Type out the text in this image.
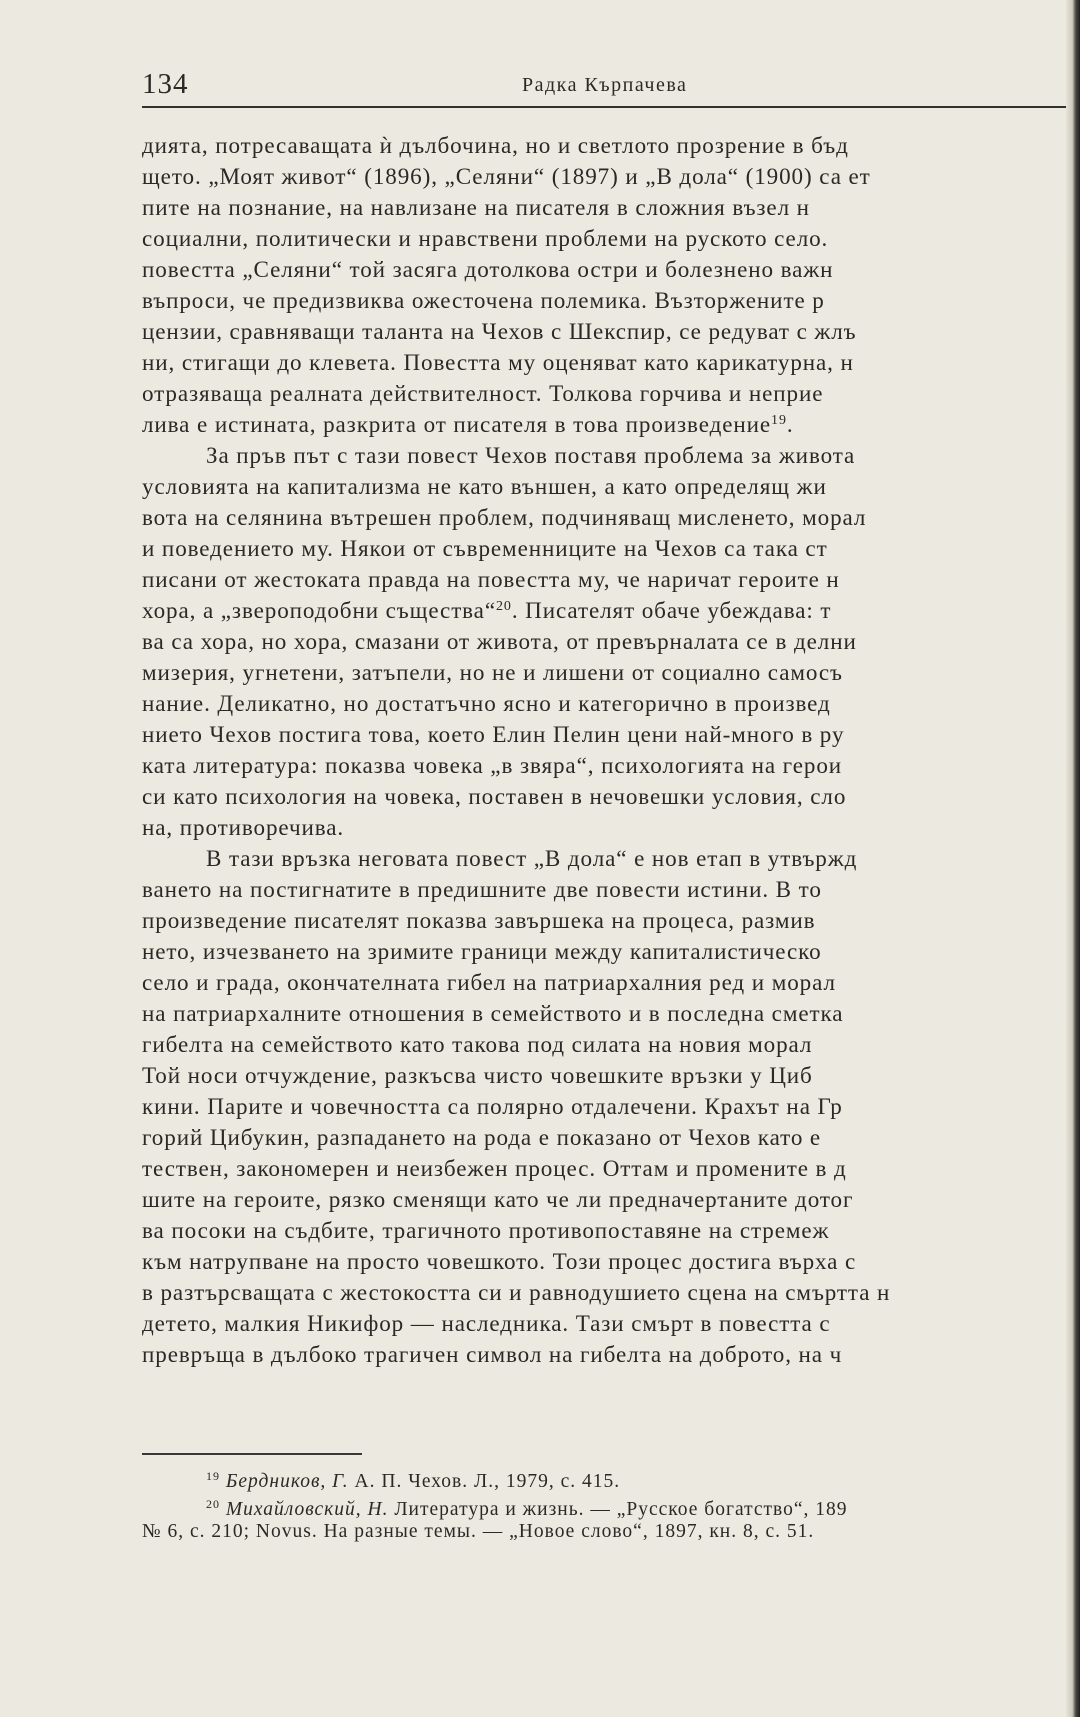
134	Радка Кърпачева
дията, потресаващата ѝ дълбочина, но и светлото прозрение в бъд
щето. „Моят живот“ (1896), „Селяни“ (1897) и „В дола“ (1900) са ет
пите на познание, на навлизане на писателя в сложния възел н
социални, политически и нравствени проблеми на руското село.
повестта „Селяни“ той засяга дотолкова остри и болезнено важн
въпроси, че предизвиква ожесточена полемика. Възторжените р
цензии, сравняващи таланта на Чехов с Шекспир, се редуват с жлъ
ни, стигащи до клевета. Повестта му оценяват като карикатурна, н
отразяваща реалната действителност. Толкова горчива и неприе
лива е истината, разкрита от писателя в това произведение$^{19}$.
За пръв път с тази повест Чехов поставя проблема за живота
условията на капитализма не като външен, а като определящ жи
вота на селянина вътрешен проблем, подчиняващ мисленето, морал
и поведението му. Някои от съвременниците на Чехов са така ст
писани от жестоката правда на повестта му, че наричат героите н
хора, а „звероподобни същества“$^{20}$. Писателят обаче убеждава: т
ва са хора, но хора, смазани от живота, от превърналата се в делни
мизерия, угнетени, затъпели, но не и лишени от социално самосъ
нание. Деликатно, но достатъчно ясно и категорично в произвед
нието Чехов постига това, което Елин Пелин цени най-много в ру
ката литература: показва човека „в звяра“, психологията на герои
си като психология на човека, поставен в нечовешки условия, сло
на, противоречива.
В тази връзка неговата повест „В дола“ е нов етап в утвържд
ването на постигнатите в предишните две повести истини. В то
произведение писателят показва завършека на процеса, размив
нето, изчезването на зримите граници между капиталистическо
село и града, окончателната гибел на патриархалния ред и морал
на патриархалните отношения в семейството и в последна сметка
гибелта на семейството като такова под силата на новия морал
Той носи отчуждение, разкъсва чисто човешките връзки у Циб
кини. Парите и човечността са полярно отдалечени. Крахът на Гр
горий Цибукин, разпадането на рода е показано от Чехов като е
тествен, закономерен и неизбежен процес. Оттам и промените в д
шите на героите, рязко сменящи като че ли предначертаните дотог
ва посоки на съдбите, трагичното противопоставяне на стремеж
към натрупване на просто човешкото. Този процес достига върха с
в разтърсващата с жестокостта си и равнодушието сцена на смъртта н
детето, малкия Никифор — наследника. Тази смърт в повестта с
превръща в дълбоко трагичен символ на гибелта на доброто, на ч
$^{19}$ Бердников, Г. А. П. Чехов. Л., 1979, с. 415.
$^{20}$ Михайловский, Н. Литература и жизнь. — „Русское богатство“, 189
№ 6, с. 210; Novus. На разные темы. — „Новое слово“, 1897, кн. 8, с. 51.
